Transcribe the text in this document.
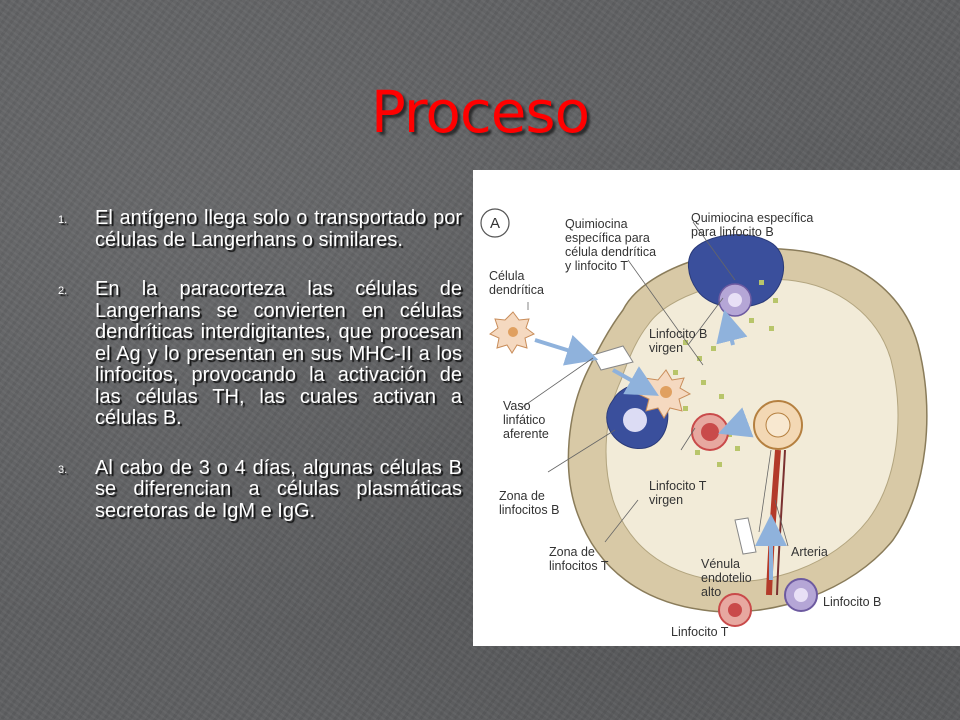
Proceso
1. El antígeno llega solo o transportado por células de Langerhans o similares.
2. En la paracorteza las células de Langerhans se convierten en células dendríticas interdigitantes, que procesan el Ag y lo presentan en sus MHC-II a los linfocitos, provocando la activación de las células TH, las cuales activan a células B.
3. Al cabo de 3 o 4 días, algunas células B se diferencian a células plasmáticas secretoras de IgM e IgG.
A	Quimiocina
específica para
célula dendrítica
y linfocito T
Quimiocina específica
para linfocito B
Célula
dendrítica
Linfocito B
virgen
Vaso
linfático
aferente
Linfocito T
virgen
Zona de
linfocitos B
Zona de
linfocitos T	Vénula
endotelio
alto
Arteria
Linfocito B
Linfocito T
